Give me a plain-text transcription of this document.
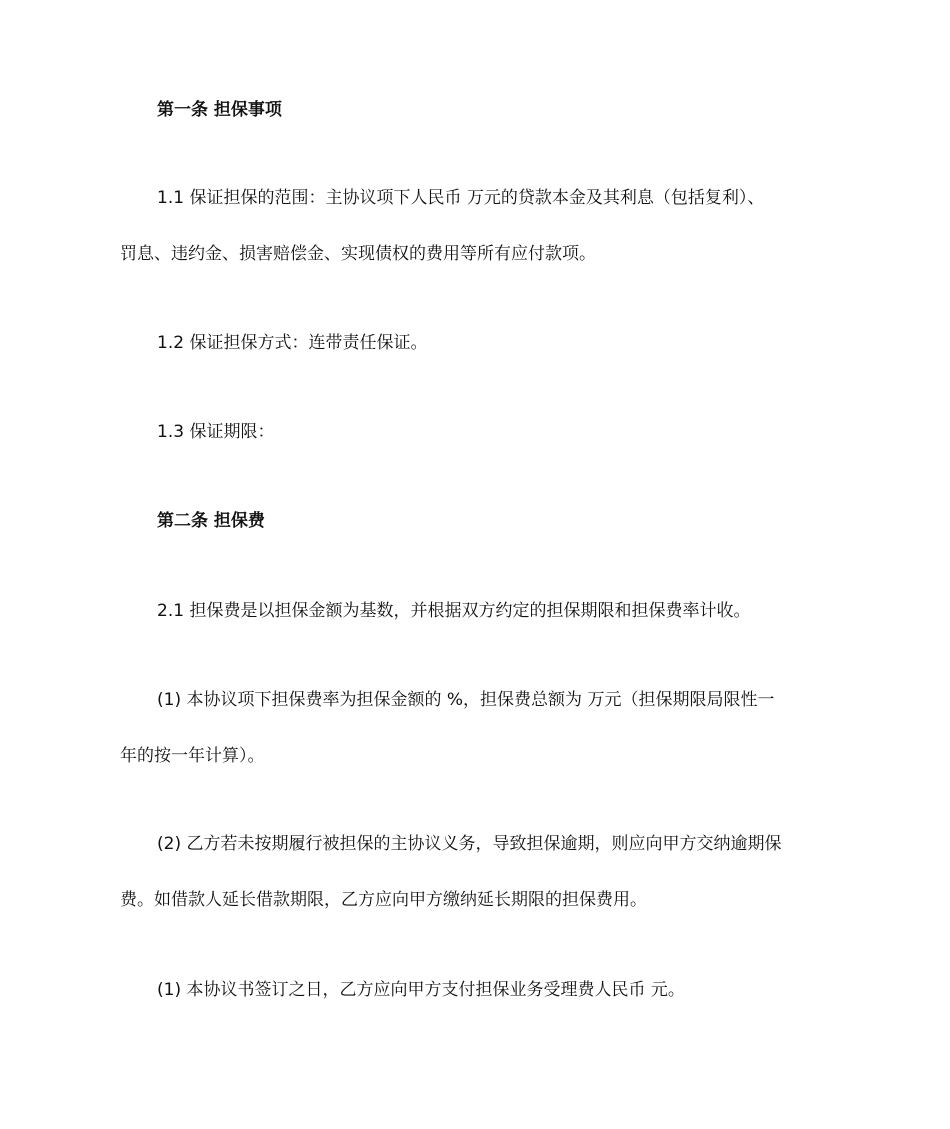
第一条 担保事项
1.1 保证担保的范围：主协议项下人民币 万元的贷款本金及其利息（包括复利）、
罚息、违约金、损害赔偿金、实现债权的费用等所有应付款项。
1.2 保证担保方式：连带责任保证。
1.3 保证期限：
第二条 担保费
2.1 担保费是以担保金额为基数，并根据双方约定的担保期限和担保费率计收。
(1) 本协议项下担保费率为担保金额的 %，担保费总额为 万元（担保期限局限性一
年的按一年计算）。
(2) 乙方若未按期履行被担保的主协议义务，导致担保逾期，则应向甲方交纳逾期保
费。如借款人延长借款期限，乙方应向甲方缴纳延长期限的担保费用。
(1) 本协议书签订之日，乙方应向甲方支付担保业务受理费人民币 元。
